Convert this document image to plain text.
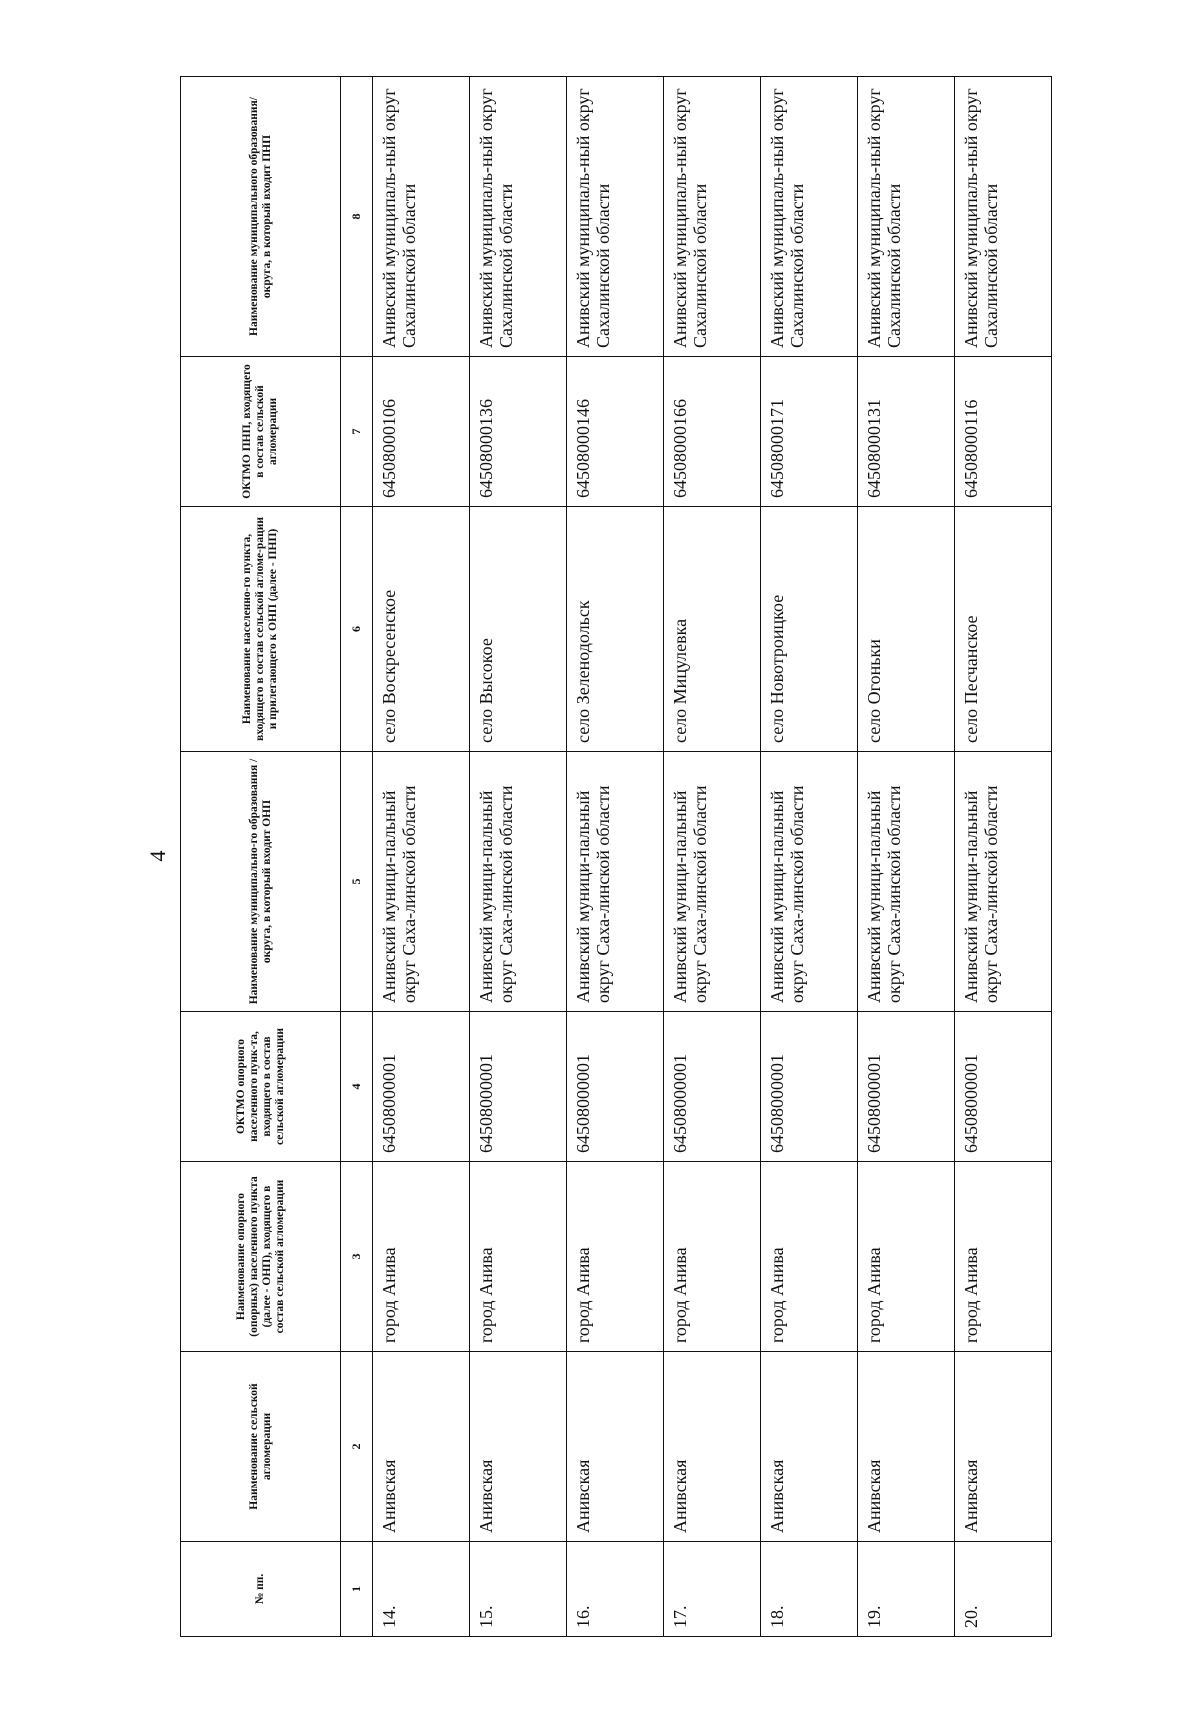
4
№ пп.	Наименование сельской агломерации	Наименование опорного (опорных) населенного пункта (далее - ОНП), входящего в состав сельской агломерации	ОКТМО опорного населенного пунк-та, входящего в состав сельской агломерации	Наименование муниципально-го образования /округа, в который входит ОНП	Наименование населенно-го пункта, входящего в состав сельской агломе-рации и прилегающего к ОНП (далее - ПНП)	ОКТМО ПНП, входящего в состав сельской агломерации	Наименование муниципального образования/округа, в который входит ПНП
1	2	3	4	5	6	7	8
14.	Анивская	город Анива	64508000001	Анивский муници-пальный округ Саха-линской области	село Воскресенское	64508000106	Анивский муниципаль-ный округ Сахалинской области
15.	Анивская	город Анива	64508000001	Анивский муници-пальный округ Саха-линской области	село Высокое	64508000136	Анивский муниципаль-ный округ Сахалинской области
16.	Анивская	город Анива	64508000001	Анивский муници-пальный округ Саха-линской области	село Зеленодольск	64508000146	Анивский муниципаль-ный округ Сахалинской области
17.	Анивская	город Анива	64508000001	Анивский муници-пальный округ Саха-линской области	село Мицулевка	64508000166	Анивский муниципаль-ный округ Сахалинской области
18.	Анивская	город Анива	64508000001	Анивский муници-пальный округ Саха-линской области	село Новотроицкое	64508000171	Анивский муниципаль-ный округ Сахалинской области
19.	Анивская	город Анива	64508000001	Анивский муници-пальный округ Саха-линской области	село Огоньки	64508000131	Анивский муниципаль-ный округ Сахалинской области
20.	Анивская	город Анива	64508000001	Анивский муници-пальный округ Саха-линской области	село Песчанское	64508000116	Анивский муниципаль-ный округ Сахалинской области
